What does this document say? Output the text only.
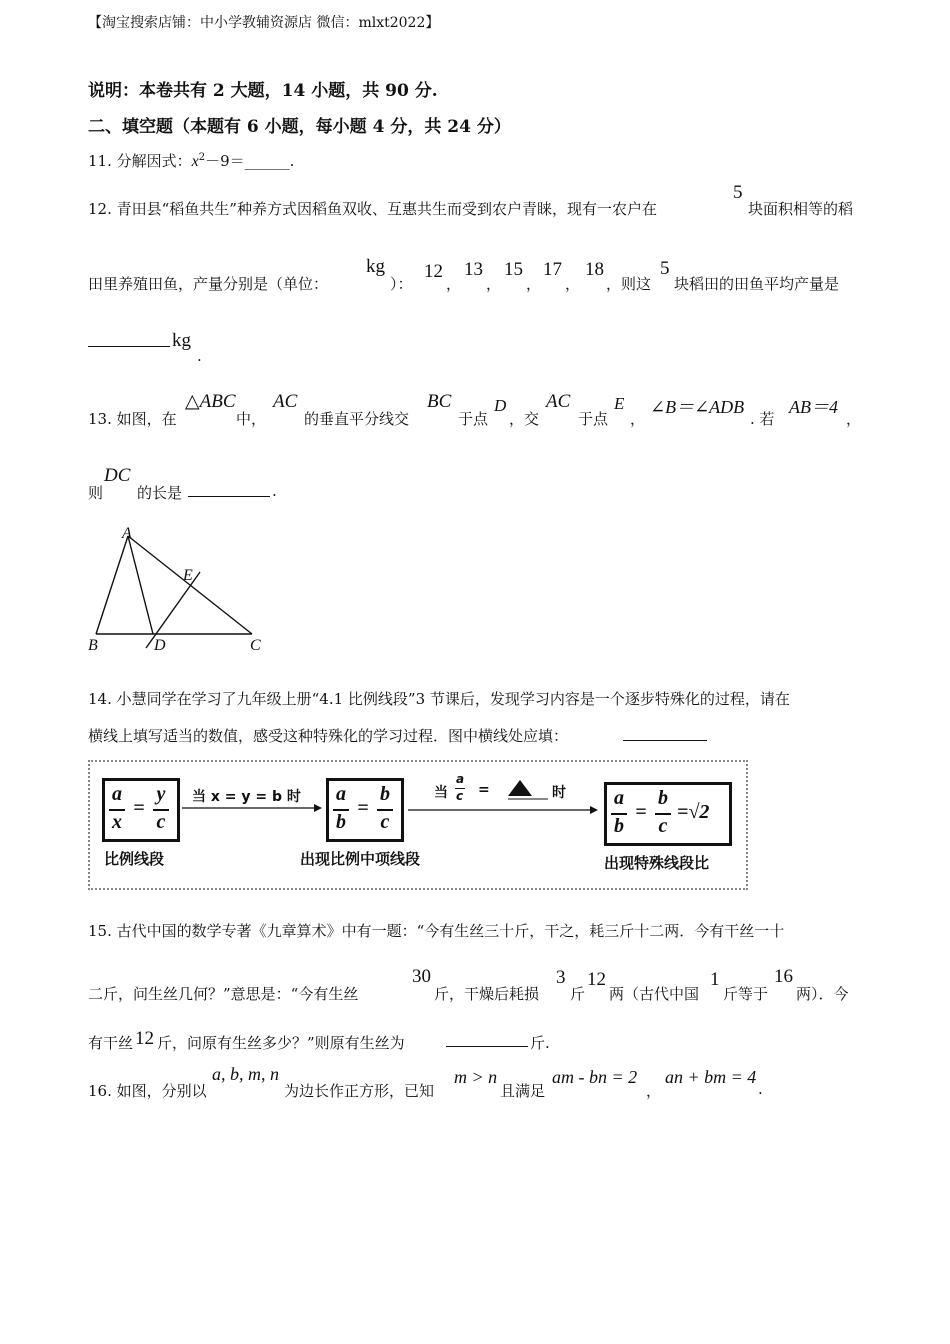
【淘宝搜索店铺：中小学教辅资源店 微信：mlxt2022】
说明：本卷共有 2 大题，14 小题，共 90 分.
二、填空题（本题有 6 小题，每小题 4 分，共 24 分）
11. 分解因式：$x^2-9=\_\_\_\_\_\_$.
12. 青田县“稻鱼共生”种养方式因稻鱼双收、互惠共生而受到农户青睐，现有一农户在
5
块面积相等的稻
田里养殖田鱼，产量分别是（单位：
kg
）：
12
，
13
，
15
，
17
，
18
，则这
5
块稻田的田鱼平均产量是
kg
.
13. 如图，在
△ABC
中，
AC
的垂直平分线交
BC
于点
D
，交
AC
于点
E
，
∠B＝∠ADB
. 若
AB＝4
，
则
DC
的长是	.
A
B	C
D
E
14. 小慧同学在学习了九年级上册“4.1 比例线段”3 节课后，发现学习内容是一个逐步特殊化的过程，请在
横线上填写适当的数值，感受这种特殊化的学习过程．图中横线处应填：
a
x
=
y
c
比例线段
当 x = y = b 时 a
b
=
b
c
出现比例中项线段
当
a
c =	时 a
b
=
b
c
=√2
出现特殊线段比
15. 古代中国的数学专著《九章算术》中有一题：“今有生丝三十斤，干之，耗三斤十二两．今有干丝一十
二斤，问生丝几何？”意思是：“今有生丝
30
斤，干燥后耗损
3
斤
12
两（古代中国
1
斤等于
16
两）．今
有干丝 12 斤，问原有生丝多少？”则原有生丝为	斤.
16. 如图，分别以
a, b, m, n
为边长作正方形，已知
m > n
且满足
am - bn = 2
，
an + bm = 4
.
